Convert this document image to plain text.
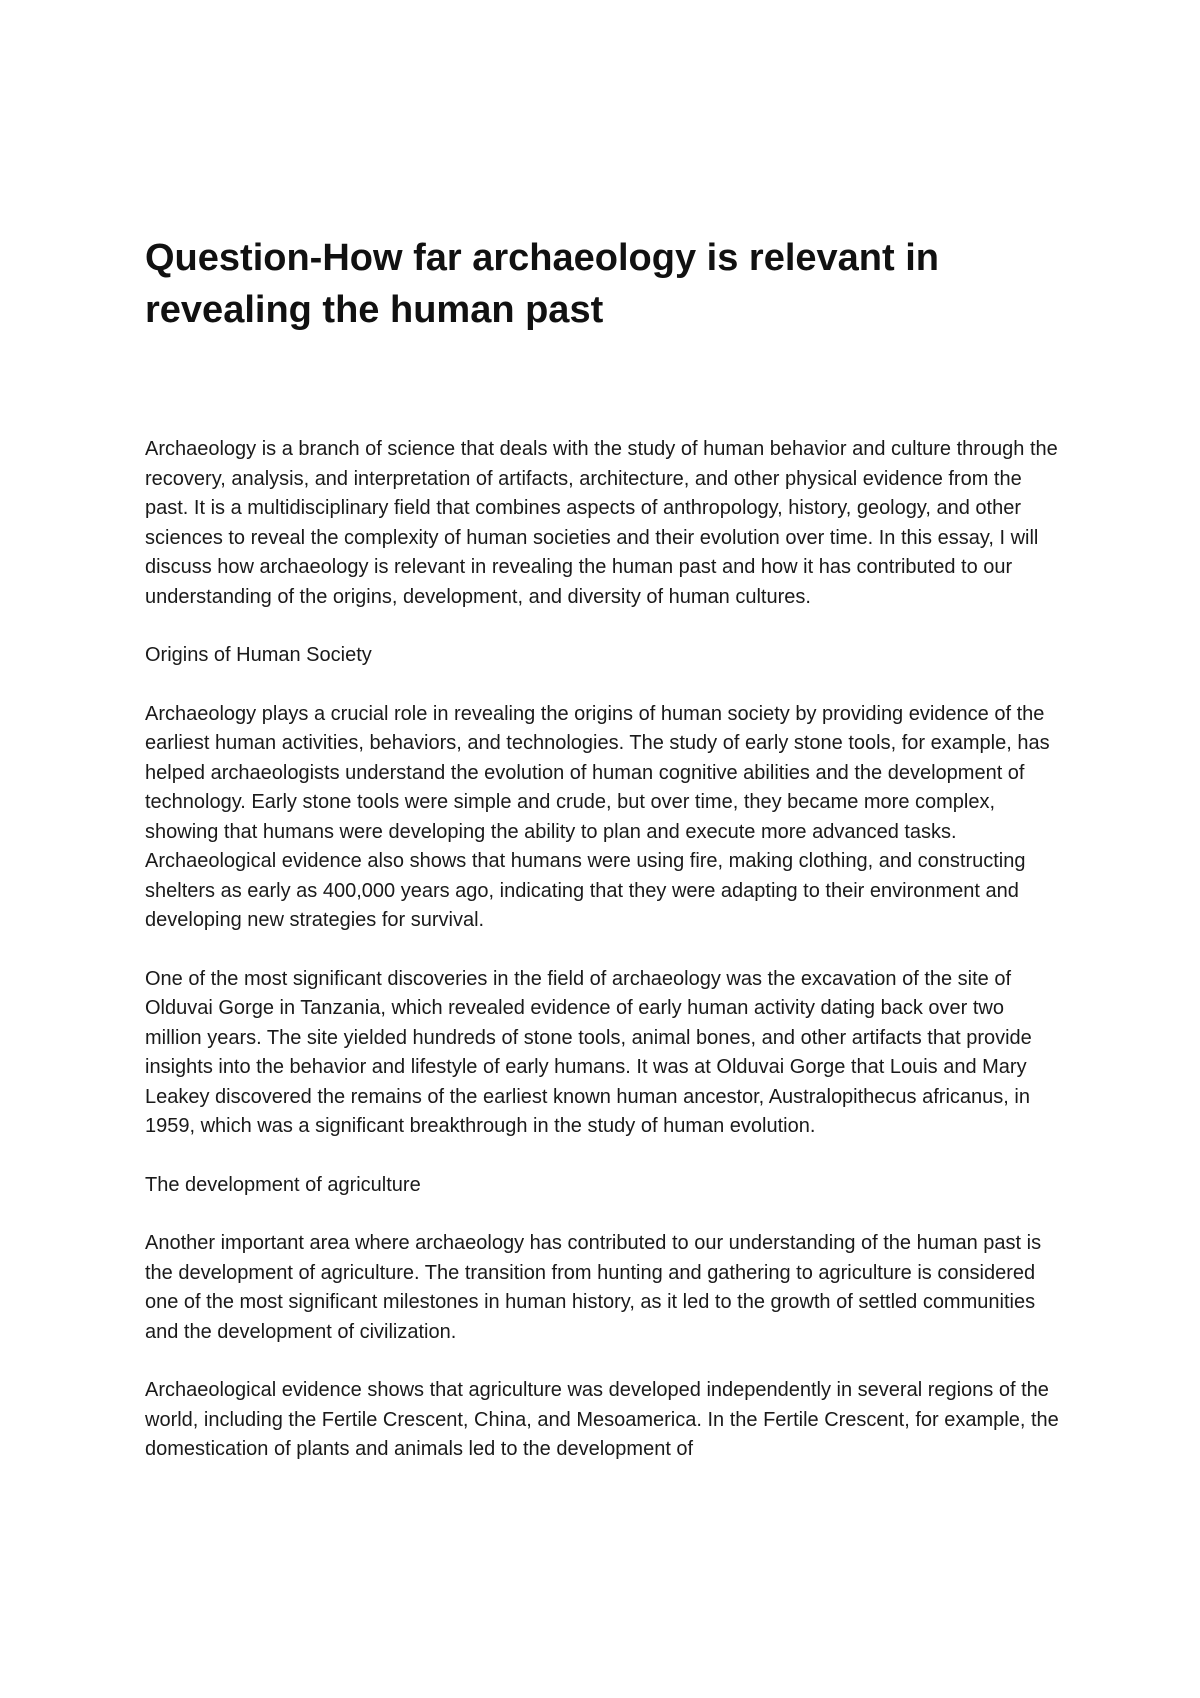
Question-How far archaeology is relevant in revealing the human past

Archaeology is a branch of science that deals with the study of human behavior and culture through the recovery, analysis, and interpretation of artifacts, architecture, and other physical evidence from the past. It is a multidisciplinary field that combines aspects of anthropology, history, geology, and other sciences to reveal the complexity of human societies and their evolution over time. In this essay, I will discuss how archaeology is relevant in revealing the human past and how it has contributed to our understanding of the origins, development, and diversity of human cultures.

Origins of Human Society

Archaeology plays a crucial role in revealing the origins of human society by providing evidence of the earliest human activities, behaviors, and technologies. The study of early stone tools, for example, has helped archaeologists understand the evolution of human cognitive abilities and the development of technology. Early stone tools were simple and crude, but over time, they became more complex, showing that humans were developing the ability to plan and execute more advanced tasks. Archaeological evidence also shows that humans were using fire, making clothing, and constructing shelters as early as 400,000 years ago, indicating that they were adapting to their environment and developing new strategies for survival.

One of the most significant discoveries in the field of archaeology was the excavation of the site of Olduvai Gorge in Tanzania, which revealed evidence of early human activity dating back over two million years. The site yielded hundreds of stone tools, animal bones, and other artifacts that provide insights into the behavior and lifestyle of early humans. It was at Olduvai Gorge that Louis and Mary Leakey discovered the remains of the earliest known human ancestor, Australopithecus africanus, in 1959, which was a significant breakthrough in the study of human evolution.

The development of agriculture

Another important area where archaeology has contributed to our understanding of the human past is the development of agriculture. The transition from hunting and gathering to agriculture is considered one of the most significant milestones in human history, as it led to the growth of settled communities and the development of civilization.

Archaeological evidence shows that agriculture was developed independently in several regions of the world, including the Fertile Crescent, China, and Mesoamerica. In the Fertile Crescent, for example, the domestication of plants and animals led to the development of
